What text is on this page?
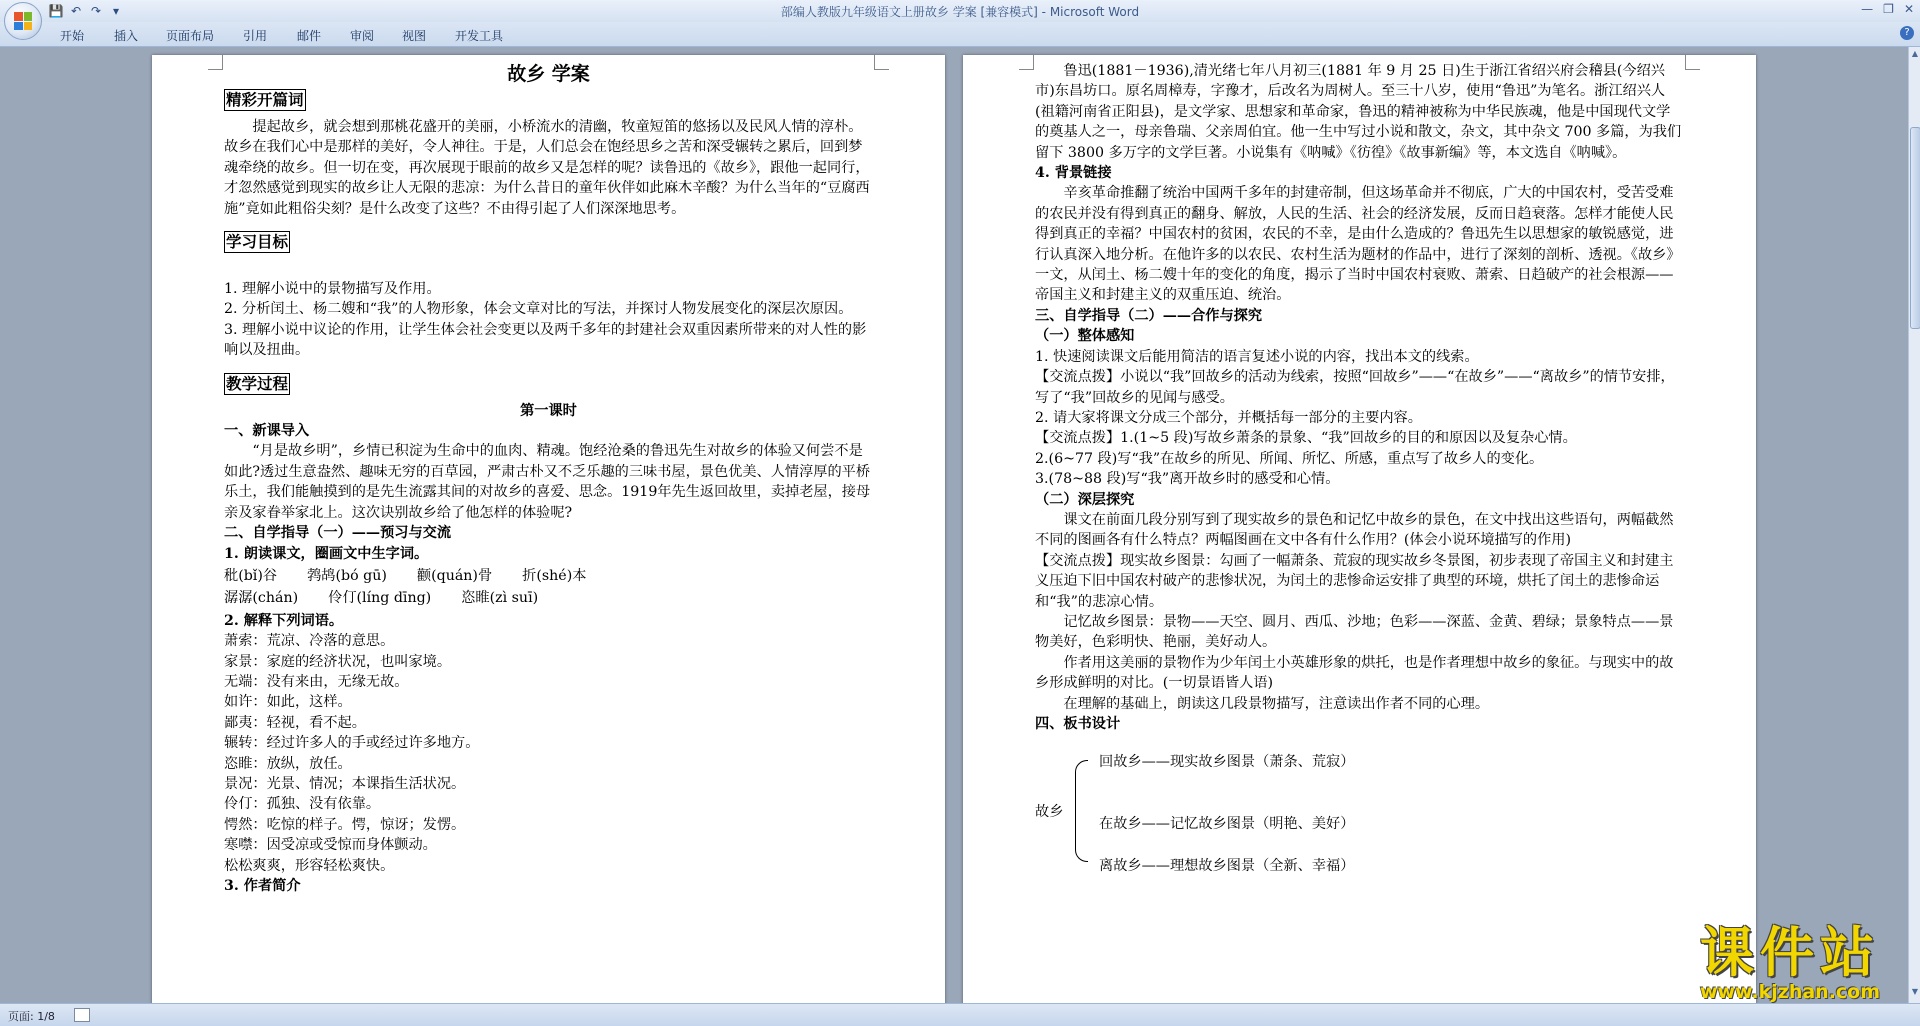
💾 ↶ ↷ ▾	部编人教版九年级语文上册故乡 学案 [兼容模式] - Microsoft Word	— ❐ ✕
开始 插入 页面布局 引用 邮件 审阅 视图 开发工具	?

故乡 学案

精彩开篇词

提起故乡，就会想到那桃花盛开的美丽，小桥流水的清幽，牧童短笛的悠扬以及民风人情的淳朴。故乡在我们心中是那样的美好，令人神往。于是，人们总会在饱经思乡之苦和深受辗转之累后，回到梦魂牵绕的故乡。但一切在变，再次展现于眼前的故乡又是怎样的呢？读鲁迅的《故乡》，跟他一起同行，才忽然感觉到现实的故乡让人无限的悲凉：为什么昔日的童年伙伴如此麻木辛酸？为什么当年的“豆腐西施”竟如此粗俗尖刻？是什么改变了这些？不由得引起了人们深深地思考。

学习目标

1. 理解小说中的景物描写及作用。

2. 分析闰土、杨二嫂和“我”的人物形象，体会文章对比的写法，并探讨人物发展变化的深层次原因。

3. 理解小说中议论的作用，让学生体会社会变更以及两千多年的封建社会双重因素所带来的对人性的影响以及扭曲。

教学过程

第一课时

一、新课导入

“月是故乡明”，乡情已积淀为生命中的血肉、精魂。饱经沧桑的鲁迅先生对故乡的体验又何尝不是如此?透过生意盎然、趣味无穷的百草园，严肃古朴又不乏乐趣的三味书屋，景色优美、人情淳厚的平桥乐土，我们能触摸到的是先生流露其间的对故乡的喜爱、思念。1919年先生返回故里，卖掉老屋，接母亲及家眷举家北上。这次诀别故乡给了他怎样的体验呢?

二、自学指导（一）——预习与交流

1. 朗读课文，圈画文中生字词。

秕(bǐ)谷 鹁鸪(bó gū) 颧(quán)骨 折(shé)本
潺潺(chán) 伶仃(líng dīng) 恣睢(zì suī)

2. 解释下列词语。

萧索：荒凉、冷落的意思。

家景：家庭的经济状况，也叫家境。

无端：没有来由，无缘无故。

如许：如此，这样。

鄙夷：轻视，看不起。

辗转：经过许多人的手或经过许多地方。

恣睢：放纵，放任。

景况：光景、情况；本课指生活状况。

伶仃：孤独、没有依靠。

愕然：吃惊的样子。愕，惊讶；发愣。

寒噤：因受凉或受惊而身体颤动。

松松爽爽，形容轻松爽快。

3. 作者简介

鲁迅(1881－1936),清光绪七年八月初三(1881 年 9 月 25 日)生于浙江省绍兴府会稽县(今绍兴市)东昌坊口。原名周樟寿，字豫才，后改名为周树人。至三十八岁，使用“鲁迅”为笔名。浙江绍兴人(祖籍河南省正阳县)，是文学家、思想家和革命家，鲁迅的精神被称为中华民族魂，他是中国现代文学的奠基人之一，母亲鲁瑞、父亲周伯宜。他一生中写过小说和散文，杂文，其中杂文 700 多篇，为我们留下 3800 多万字的文学巨著。小说集有《呐喊》《彷徨》《故事新编》等，本文选自《呐喊》。

4. 背景链接

辛亥革命推翻了统治中国两千多年的封建帝制，但这场革命并不彻底，广大的中国农村，受苦受难的农民并没有得到真正的翻身、解放，人民的生活、社会的经济发展，反而日趋衰落。怎样才能使人民得到真正的幸福？中国农村的贫困，农民的不幸，是由什么造成的？鲁迅先生以思想家的敏锐感觉，进行认真深入地分析。在他许多的以农民、农村生活为题材的作品中，进行了深刻的剖析、透视。《故乡》一文，从闰土、杨二嫂十年的变化的角度，揭示了当时中国农村衰败、萧索、日趋破产的社会根源——帝国主义和封建主义的双重压迫、统治。

三、自学指导（二）——合作与探究

（一）整体感知

1. 快速阅读课文后能用简洁的语言复述小说的内容，找出本文的线索。

【交流点拨】小说以“我”回故乡的活动为线索，按照“回故乡”——“在故乡”——“离故乡”的情节安排，写了“我”回故乡的见闻与感受。

2. 请大家将课文分成三个部分，并概括每一部分的主要内容。

【交流点拨】1.(1~5 段)写故乡萧条的景象、“我”回故乡的目的和原因以及复杂心情。

2.(6~77 段)写“我”在故乡的所见、所闻、所忆、所感，重点写了故乡人的变化。

3.(78~88 段)写“我”离开故乡时的感受和心情。

（二）深层探究

课文在前面几段分别写到了现实故乡的景色和记忆中故乡的景色，在文中找出这些语句，两幅截然不同的图画各有什么特点？两幅图画在文中各有什么作用？(体会小说环境描写的作用)

【交流点拨】现实故乡图景：勾画了一幅萧条、荒寂的现实故乡冬景图，初步表现了帝国主义和封建主义压迫下旧中国农村破产的悲惨状况，为闰土的悲惨命运安排了典型的环境，烘托了闰土的悲惨命运和“我”的悲凉心情。

记忆故乡图景：景物——天空、圆月、西瓜、沙地；色彩——深蓝、金黄、碧绿；景象特点——景物美好，色彩明快、艳丽，美好动人。

作者用这美丽的景物作为少年闰土小英雄形象的烘托，也是作者理想中故乡的象征。与现实中的故乡形成鲜明的对比。(一切景语皆人语)

在理解的基础上，朗读这几段景物描写，注意读出作者不同的心理。

四、板书设计

故乡
回故乡——现实故乡图景（萧条、荒寂）
在故乡——记忆故乡图景（明艳、美好）
离故乡——理想故乡图景（全新、幸福）
▲
▼
页面: 1/8
课件站
www.kjzhan.com
